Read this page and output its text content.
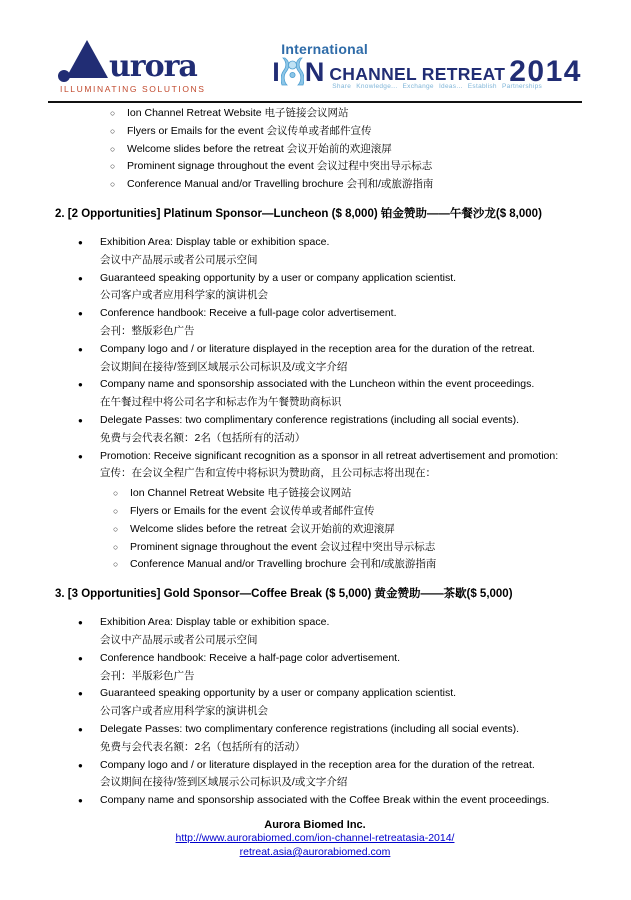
urora
ILLUMINATING SOLUTIONS
International
I N CHANNEL RETREAT 2014
Share Knowledge... Exchange Ideas... Establish Partnerships
○	Ion Channel Retreat Website 电子链接会议网站
○	Flyers or Emails for the event 会议传单或者邮件宣传
○	Welcome slides before the retreat 会议开始前的欢迎滚屏
○	Prominent signage throughout the event 会议过程中突出导示标志
○	Conference Manual and/or Travelling brochure 会刊和/或旅游指南
2. [2 Opportunities] Platinum Sponsor—Luncheon ($ 8,000) 铂金赞助——午餐沙龙($ 8,000)
●	Exhibition Area: Display table or exhibition space.
会议中产品展示或者公司展示空间
●	Guaranteed speaking opportunity by a user or company application scientist.
公司客户或者应用科学家的演讲机会
●	Conference handbook: Receive a full-page color advertisement.
会刊：整版彩色广告
●	Company logo and / or literature displayed in the reception area for the duration of the retreat.
会议期间在接待/签到区域展示公司标识及/或文字介绍
●	Company name and sponsorship associated with the Luncheon within the event proceedings.
在午餐过程中将公司名字和标志作为午餐赞助商标识
●	Delegate Passes: two complimentary conference registrations (including all social events).
免费与会代表名额：2名（包括所有的活动）
●	Promotion: Receive significant recognition as a sponsor in all retreat advertisement and promotion:
宣传：在会议全程广告和宣传中将标识为赞助商，且公司标志将出现在：
○	Ion Channel Retreat Website 电子链接会议网站
○	Flyers or Emails for the event 会议传单或者邮件宣传
○	Welcome slides before the retreat 会议开始前的欢迎滚屏
○	Prominent signage throughout the event 会议过程中突出导示标志
○	Conference Manual and/or Travelling brochure 会刊和/或旅游指南
3. [3 Opportunities] Gold Sponsor—Coffee Break ($ 5,000) 黄金赞助——茶歇($ 5,000)
●	Exhibition Area: Display table or exhibition space.
会议中产品展示或者公司展示空间
●	Conference handbook: Receive a half-page color advertisement.
会刊：半版彩色广告
●	Guaranteed speaking opportunity by a user or company application scientist.
公司客户或者应用科学家的演讲机会
●	Delegate Passes: two complimentary conference registrations (including all social events).
免费与会代表名额：2名（包括所有的活动）
●	Company logo and / or literature displayed in the reception area for the duration of the retreat.
会议期间在接待/签到区域展示公司标识及/或文字介绍
●	Company name and sponsorship associated with the Coffee Break within the event proceedings.
Aurora Biomed Inc.
http://www.aurorabiomed.com/ion-channel-retreatasia-2014/
retreat.asia@aurorabiomed.com
